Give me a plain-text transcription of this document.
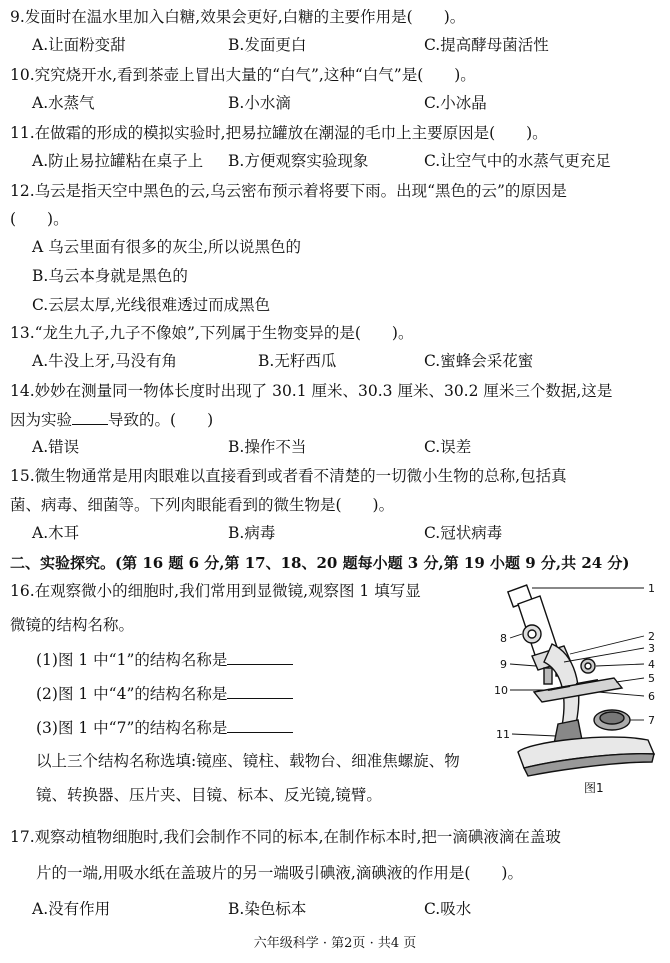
9.发面时在温水里加入白糖,效果会更好,白糖的主要作用是(　　)。
A.让面粉变甜	B.发面更白	C.提高酵母菌活性
10.究究烧开水,看到茶壶上冒出大量的“白气”,这种“白气”是(　　)。
A.水蒸气	B.小水滴	C.小冰晶
11.在做霜的形成的模拟实验时,把易拉罐放在潮湿的毛巾上主要原因是(　　)。
A.防止易拉罐粘在桌子上 B.方便观察实验现象	C.让空气中的水蒸气更充足
12.乌云是指天空中黑色的云,乌云密布预示着将要下雨。出现“黑色的云”的原因是
(　　)。
A 乌云里面有很多的灰尘,所以说黑色的
B.乌云本身就是黑色的
C.云层太厚,光线很难透过而成黑色
13.“龙生九子,九子不像娘”,下列属于生物变异的是(　　)。
A.牛没上牙,马没有角	B.无籽西瓜	C.蜜蜂会采花蜜
14.妙妙在测量同一物体长度时出现了 30.1 厘米、30.3 厘米、30.2 厘米三个数据,这是
因为实验 导致的。(　　)
A.错误	B.操作不当	C.误差
15.微生物通常是用肉眼难以直接看到或者看不清楚的一切微小生物的总称,包括真
菌、病毒、细菌等。下列肉眼能看到的微生物是(　　)。
A.木耳	B.病毒	C.冠状病毒
二、实验探究。(第 16 题 6 分,第 17、18、20 题每小题 3 分,第 19 小题 9 分,共 24 分)
16.在观察微小的细胞时,我们常用到显微镜,观察图 1 填写显
微镜的结构名称。
(1)图 1 中“1”的结构名称是
(2)图 1 中“4”的结构名称是
(3)图 1 中“7”的结构名称是
以上三个结构名称选填:镜座、镜柱、载物台、细准焦螺旋、物
镜、转换器、压片夹、目镜、标本、反光镜,镜臂。
1
2
3
4
5
6
7
8
9
10
11
图1
17.观察动植物细胞时,我们会制作不同的标本,在制作标本时,把一滴碘液滴在盖玻
片的一端,用吸水纸在盖玻片的另一端吸引碘液,滴碘液的作用是(　　)。
A.没有作用	B.染色标本	C.吸水
六年级科学 · 第2页 · 共4 页
